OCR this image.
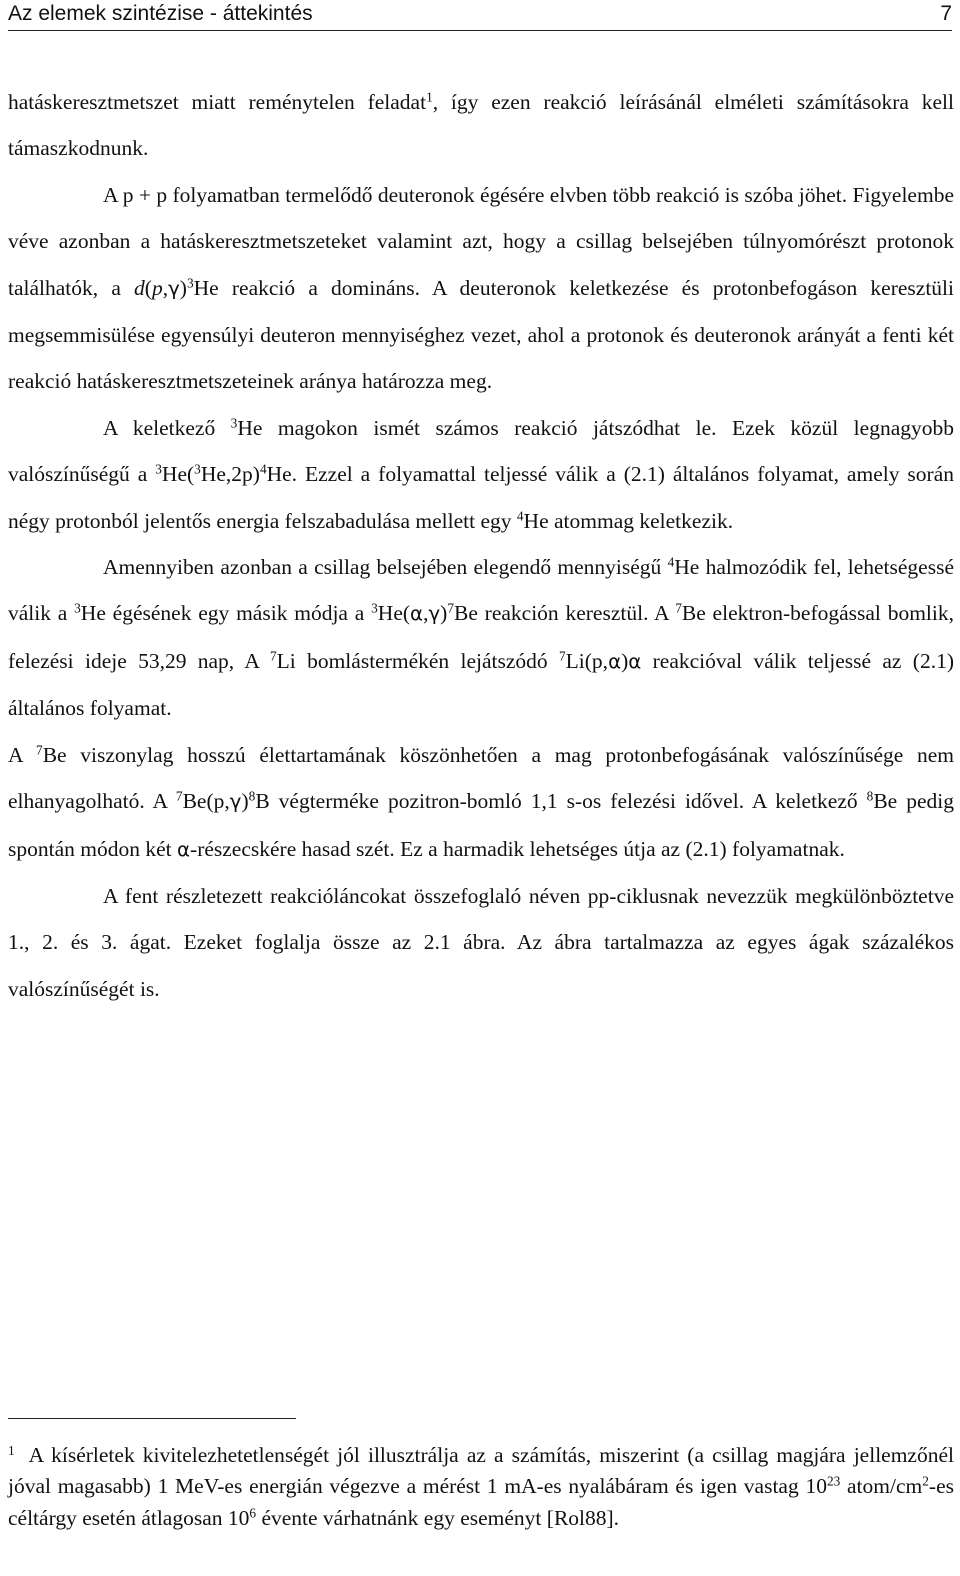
Az elemek szintézise - áttekintés	7

hatáskeresztmetszet miatt reménytelen feladat$^1$, így ezen reakció leírásánál elméleti számításokra kell támaszkodnunk.

A p + p folyamatban termelődő deuteronok égésére elvben több reakció is szóba jöhet. Figyelembe véve azonban a hatáskeresztmetszeteket valamint azt, hogy a csillag belsejében túlnyomórészt protonok találhatók, a $d(p,\gamma)^3He$ reakció a domináns. A deuteronok keletkezése és protonbefogáson keresztüli megsemmisülése egyensúlyi deuteron mennyiséghez vezet, ahol a protonok és deuteronok arányát a fenti két reakció hatáskeresztmetszeteinek aránya határozza meg.

A keletkező $^3$He magokon ismét számos reakció játszódhat le. Ezek közül legnagyobb valószínűségű a $^3He(^3He,2p)^4He$. Ezzel a folyamattal teljessé válik a (2.1) általános folyamat, amely során négy protonból jelentős energia felszabadulása mellett egy $^4$He atommag keletkezik.

Amennyiben azonban a csillag belsejében elegendő mennyiségű $^4$He halmozódik fel, lehetségessé válik a $^3$He égésének egy másik módja a $^3He(\alpha,\gamma)^7Be$ reakción keresztül. A $^7$Be elektron-befogással bomlik, felezési ideje 53,29 nap, A $^7$Li bomlástermékén lejátszódó $^7$Li(p,α)α reakcióval válik teljessé az (2.1) általános folyamat.

A $^7$Be viszonylag hosszú élettartamának köszönhetően a mag protonbefogásának valószínűsége nem elhanyagolható. A $^7Be(p,\gamma)^8B$ végterméke pozitron-bomló 1,1 s-os felezési idővel. A keletkező $^8$Be pedig spontán módon két α-részecskére hasad szét. Ez a harmadik lehetséges útja az (2.1) folyamatnak.

A fent részletezett reakcióláncokat összefoglaló néven pp-ciklusnak nevezzük megkülönböztetve 1., 2. és 3. ágat. Ezeket foglalja össze az 2.1 ábra. Az ábra tartalmazza az egyes ágak százalékos valószínűségét is.

$^1$ A kísérletek kivitelezhetetlenségét jól illusztrálja az a számítás, miszerint (a csillag magjára jellemzőnél jóval magasabb) 1 MeV-es energián végezve a mérést 1 mA-es nyalábáram és igen vastag $10^{23}$ atom/$cm^2-es$ céltárgy esetén átlagosan $10^6$ évente várhatnánk egy eseményt [Rol88].
